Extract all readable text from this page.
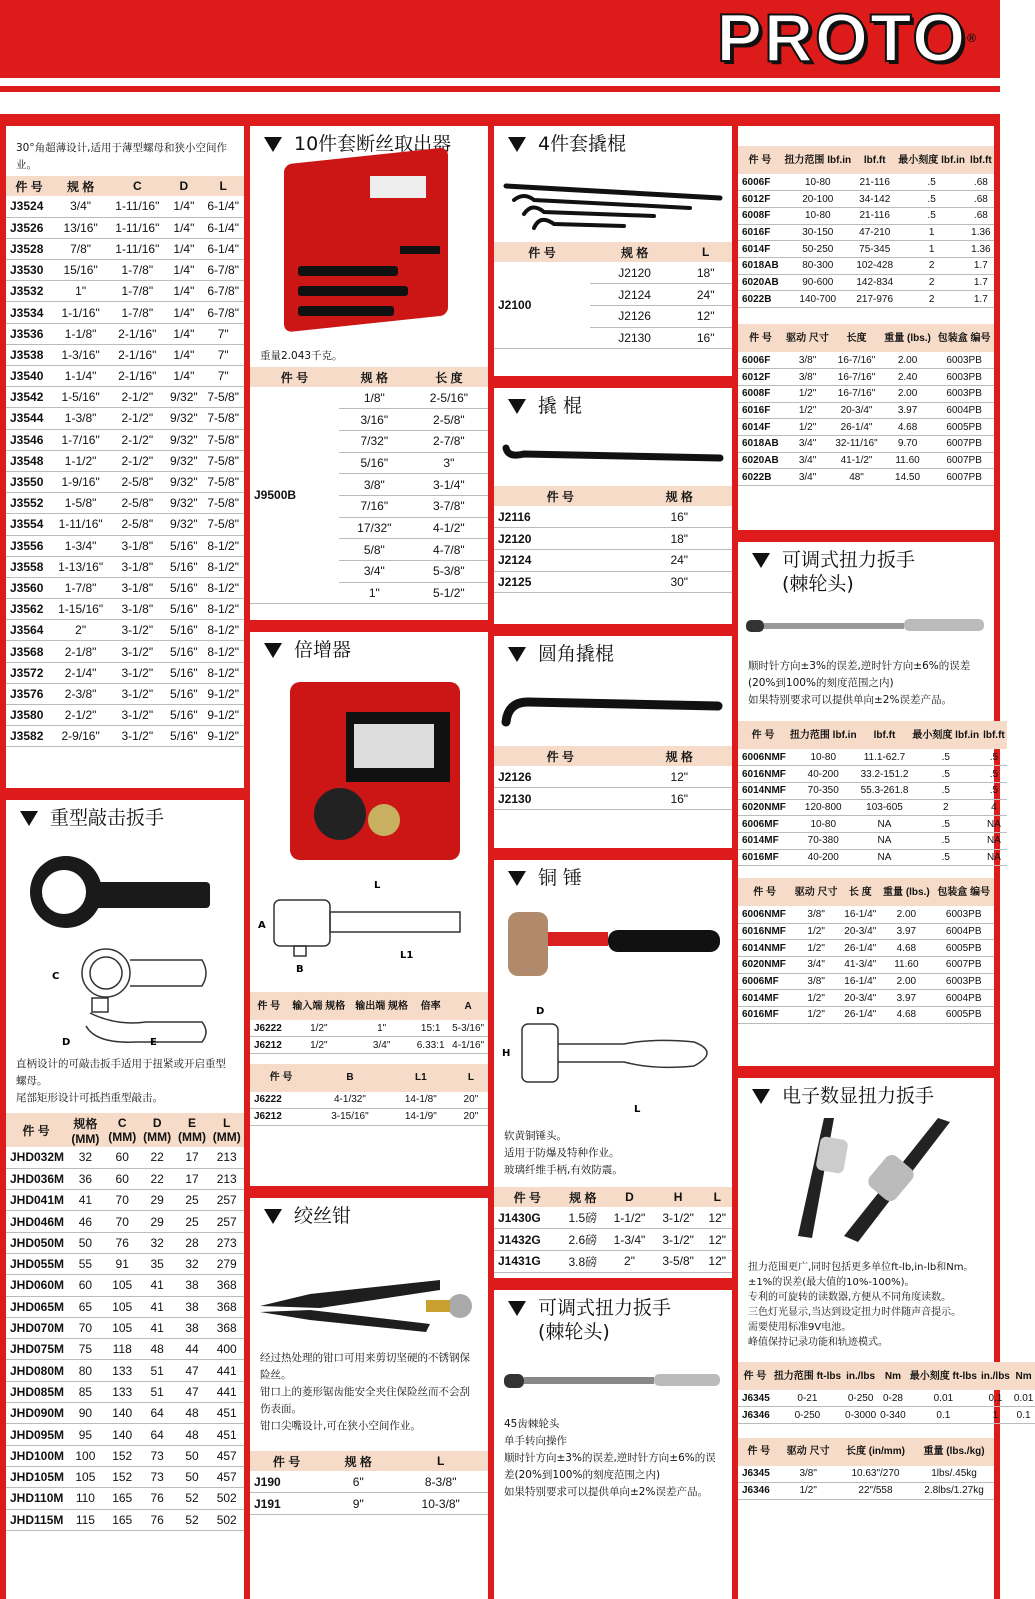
PROTO®
30°角超薄设计,适用于薄型螺母和狭小空间作业。
件 号	规 格	C	D	L
J3524	3/4"	1-11/16"	1/4"	6-1/4"
J3526	13/16"	1-11/16"	1/4"	6-1/4"
J3528	7/8"	1-11/16"	1/4"	6-1/4"
J3530	15/16"	1-7/8"	1/4"	6-7/8"
J3532	1"	1-7/8"	1/4"	6-7/8"
J3534	1-1/16"	1-7/8"	1/4"	6-7/8"
J3536	1-1/8"	2-1/16"	1/4"	7"
J3538	1-3/16"	2-1/16"	1/4"	7"
J3540	1-1/4"	2-1/16"	1/4"	7"
J3542	1-5/16"	2-1/2"	9/32"	7-5/8"
J3544	1-3/8"	2-1/2"	9/32"	7-5/8"
J3546	1-7/16"	2-1/2"	9/32"	7-5/8"
J3548	1-1/2"	2-1/2"	9/32"	7-5/8"
J3550	1-9/16"	2-5/8"	9/32"	7-5/8"
J3552	1-5/8"	2-5/8"	9/32"	7-5/8"
J3554	1-11/16"	2-5/8"	9/32"	7-5/8"
J3556	1-3/4"	3-1/8"	5/16"	8-1/2"
J3558	1-13/16"	3-1/8"	5/16"	8-1/2"
J3560	1-7/8"	3-1/8"	5/16"	8-1/2"
J3562	1-15/16"	3-1/8"	5/16"	8-1/2"
J3564	2"	3-1/2"	5/16"	8-1/2"
J3568	2-1/8"	3-1/2"	5/16"	8-1/2"
J3572	2-1/4"	3-1/2"	5/16"	8-1/2"
J3576	2-3/8"	3-1/2"	5/16"	9-1/2"
J3580	2-1/2"	3-1/2"	5/16"	9-1/2"
J3582	2-9/16"	3-1/2"	5/16"	9-1/2"
重型敲击扳手
C
D	E
直柄设计的可敲击扳手适用于扭紧或开启重型螺母。
尾部矩形设计可抵挡重型敲击。
件 号	规格 (MM)	C (MM)	D (MM)	E (MM)	L (MM)
JHD032M	32	60	22	17	213
JHD036M	36	60	22	17	213
JHD041M	41	70	29	25	257
JHD046M	46	70	29	25	257
JHD050M	50	76	32	28	273
JHD055M	55	91	35	32	279
JHD060M	60	105	41	38	368
JHD065M	65	105	41	38	368
JHD070M	70	105	41	38	368
JHD075M	75	118	48	44	400
JHD080M	80	133	51	47	441
JHD085M	85	133	51	47	441
JHD090M	90	140	64	48	451
JHD095M	95	140	64	48	451
JHD100M	100	152	73	50	457
JHD105M	105	152	73	50	457
JHD110M	110	165	76	52	502
JHD115M	115	165	76	52	502
10件套断丝取出器
重量2.043千克。
件 号	规 格	长 度
J9500B	1/8"	2-5/16"
	3/16"	2-5/8"
	7/32"	2-7/8"
	5/16"	3"
	3/8"	3-1/4"
	7/16"	3-7/8"
	17/32"	4-1/2"
	5/8"	4-7/8"
	3/4"	5-3/8"
	1"	5-1/2"
倍增器
L
A
B
L1
件 号	输入端 规格	输出端 规格	倍率	A
J6222	1/2"	1"	15:1	5-3/16"
J6212	1/2"	3/4"	6.33:1	4-1/16"
件 号	B	L1	L
J6222	4-1/32"	14-1/8"	20"
J6212	3-15/16"	14-1/9"	20"
绞丝钳
经过热处理的钳口可用来剪切坚硬的不锈钢保险丝。
钳口上的菱形锯齿能安全夹住保险丝而不会刮伤表面。
钳口尖嘴设计,可在狭小空间作业。
件 号	规 格	L
J190	6"	8-3/8"
J191	9"	10-3/8"
4件套撬棍
件 号	规 格	L
J2100	J2120	18"
	J2124	24"
	J2126	12"
	J2130	16"
撬 棍
件 号	规 格
J2116	16"
J2120	18"
J2124	24"
J2125	30"
圆角撬棍
件 号	规 格
J2126	12"
J2130	16"
铜 锤
D
H
L
软黄铜锤头。
适用于防爆及特种作业。
玻璃纤维手柄,有效防震。
件 号	规 格	D	H	L
J1430G	1.5磅	1-1/2"	3-1/2"	12"
J1432G	2.6磅	1-3/4"	3-1/2"	12"
J1431G	3.8磅	2"	3-5/8"	12"
可调式扭力扳手
(棘轮头)
45齿棘轮头
单手转向操作
顺时针方向±3%的误差,逆时针方向±6%的误差(20%到100%的刻度范围之内)
如果特别要求可以提供单向±2%误差产品。
件 号	扭力范围 lbf.in	lbf.ft	最小刻度 lbf.in	lbf.ft
6006F	10-80	21-116	.5	.68
6012F	20-100	34-142	.5	.68
6008F	10-80	21-116	.5	.68
6016F	30-150	47-210	1	1.36
6014F	50-250	75-345	1	1.36
6018AB	80-300	102-428	2	1.7
6020AB	90-600	142-834	2	1.7
6022B	140-700	217-976	2	1.7
件 号	驱动 尺寸	长度	重量 (lbs.)	包装盒 编号
6006F	3/8"	16-7/16"	2.00	6003PB
6012F	3/8"	16-7/16"	2.40	6003PB
6008F	1/2"	16-7/16"	2.00	6003PB
6016F	1/2"	20-3/4"	3.97	6004PB
6014F	1/2"	26-1/4"	4.68	6005PB
6018AB	3/4"	32-11/16"	9.70	6007PB
6020AB	3/4"	41-1/2"	11.60	6007PB
6022B	3/4"	48"	14.50	6007PB
可调式扭力扳手
(棘轮头)
顺时针方向±3%的误差,逆时针方向±6%的误差(20%到100%的刻度范围之内)
如果特别要求可以提供单向±2%误差产品。
件 号	扭力范围 lbf.in	lbf.ft	最小刻度 lbf.in	lbf.ft
6006NMF	10-80	11.1-62.7	.5	.5
6016NMF	40-200	33.2-151.2	.5	.5
6014NMF	70-350	55.3-261.8	.5	.5
6020NMF	120-800	103-605	2	4
6006MF	10-80	NA	.5	NA
6014MF	70-380	NA	.5	NA
6016MF	40-200	NA	.5	NA
件 号	驱动 尺寸	长 度	重量 (lbs.)	包装盒 编号
6006NMF	3/8"	16-1/4"	2.00	6003PB
6016NMF	1/2"	20-3/4"	3.97	6004PB
6014NMF	1/2"	26-1/4"	4.68	6005PB
6020NMF	3/4"	41-3/4"	11.60	6007PB
6006MF	3/8"	16-1/4"	2.00	6003PB
6014MF	1/2"	20-3/4"	3.97	6004PB
6016MF	1/2"	26-1/4"	4.68	6005PB
电子数显扭力扳手
扭力范围更广,同时包括更多单位ft-lb,in-lb和Nm。
±1%的误差(最大值的10%-100%)。
专利的可旋转的读数器,方便从不同角度读数。
三色灯光显示,当达到设定扭力时伴随声音提示。
需要使用标准9V电池。
峰值保持记录功能和轨迹模式。
件 号	扭力范围 ft-lbs	in./lbs	Nm	最小刻度 ft-lbs	in./lbs	Nm
J6345	0-21	0-250	0-28	0.01	0.1	0.01
J6346	0-250	0-3000	0-340	0.1	1	0.1
件 号	驱动 尺寸	长度 (in/mm)	重量 (lbs./kg)
J6345	3/8"	10.63"/270	1lbs/.45kg
J6346	1/2"	22"/558	2.8lbs/1.27kg
